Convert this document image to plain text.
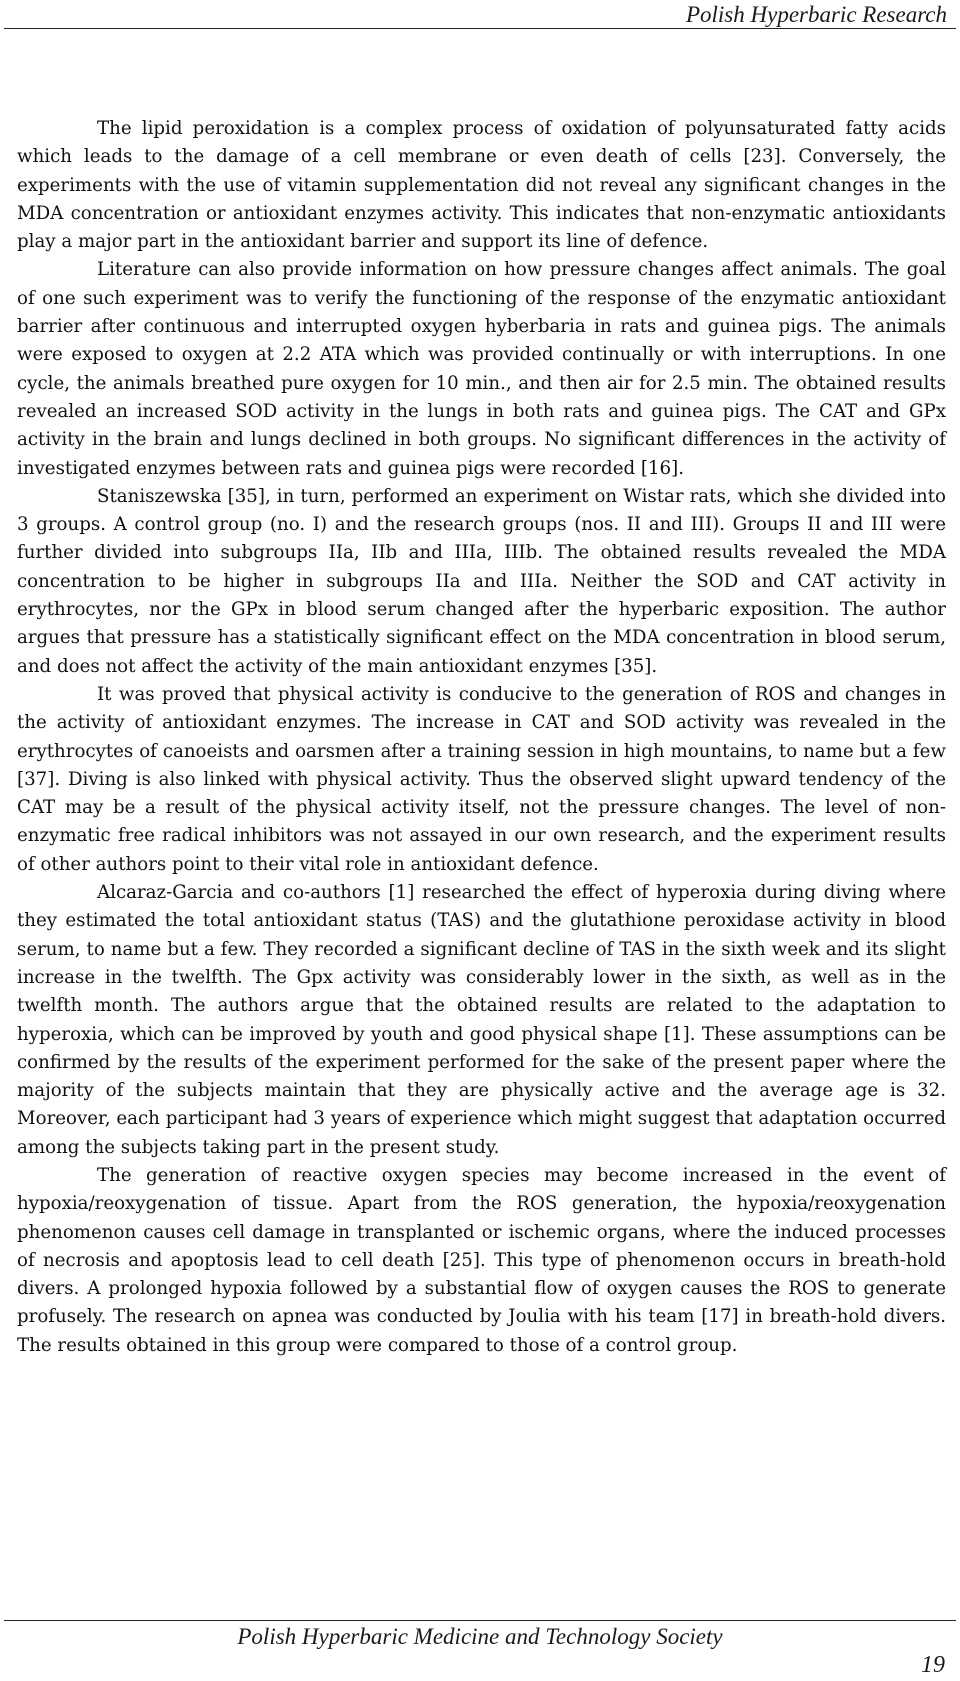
Polish Hyperbaric Research

The lipid peroxidation is a complex process of oxidation of polyunsaturated fatty acids which leads to the damage of a cell membrane or even death of cells [23]. Conversely, the experiments with the use of vitamin supplementation did not reveal any significant changes in the MDA concentration or antioxidant enzymes activity. This indicates that non-enzymatic antioxidants play a major part in the antioxidant barrier and support its line of defence.

Literature can also provide information on how pressure changes affect animals. The goal of one such experiment was to verify the functioning of the response of the enzymatic antioxidant barrier after continuous and interrupted oxygen hyberbaria in rats and guinea pigs. The animals were exposed to oxygen at 2.2 ATA which was provided continually or with interruptions. In one cycle, the animals breathed pure oxygen for 10 min., and then air for 2.5 min. The obtained results revealed an increased SOD activity in the lungs in both rats and guinea pigs. The CAT and GPx activity in the brain and lungs declined in both groups. No significant differences in the activity of investigated enzymes between rats and guinea pigs were recorded [16].

Staniszewska [35], in turn, performed an experiment on Wistar rats, which she divided into 3 groups. A control group (no. I) and the research groups (nos. II and III). Groups II and III were further divided into subgroups IIa, IIb and IIIa, IIIb. The obtained results revealed the MDA concentration to be higher in subgroups IIa and IIIa. Neither the SOD and CAT activity in erythrocytes, nor the GPx in blood serum changed after the hyperbaric exposition. The author argues that pressure has a statistically significant effect on the MDA concentration in blood serum, and does not affect the activity of the main antioxidant enzymes [35].

It was proved that physical activity is conducive to the generation of ROS and changes in the activity of antioxidant enzymes. The increase in CAT and SOD activity was revealed in the erythrocytes of canoeists and oarsmen after a training session in high mountains, to name but a few [37]. Diving is also linked with physical activity. Thus the observed slight upward tendency of the CAT may be a result of the physical activity itself, not the pressure changes. The level of non-enzymatic free radical inhibitors was not assayed in our own research, and the experiment results of other authors point to their vital role in antioxidant defence.

Alcaraz-Garcia and co-authors [1] researched the effect of hyperoxia during diving where they estimated the total antioxidant status (TAS) and the glutathione peroxidase activity in blood serum, to name but a few. They recorded a significant decline of TAS in the sixth week and its slight increase in the twelfth. The Gpx activity was considerably lower in the sixth, as well as in the twelfth month. The authors argue that the obtained results are related to the adaptation to hyperoxia, which can be improved by youth and good physical shape [1]. These assumptions can be confirmed by the results of the experiment performed for the sake of the present paper where the majority of the subjects maintain that they are physically active and the average age is 32. Moreover, each participant had 3 years of experience which might suggest that adaptation occurred among the subjects taking part in the present study.

The generation of reactive oxygen species may become increased in the event of hypoxia/reoxygenation of tissue. Apart from the ROS generation, the hypoxia/reoxygenation phenomenon causes cell damage in transplanted or ischemic organs, where the induced processes of necrosis and apoptosis lead to cell death [25]. This type of phenomenon occurs in breath-hold divers. A prolonged hypoxia followed by a substantial flow of oxygen causes the ROS to generate profusely. The research on apnea was conducted by Joulia with his team [17] in breath-hold divers. The results obtained in this group were compared to those of a control group.

Polish Hyperbaric Medicine and Technology Society
19
